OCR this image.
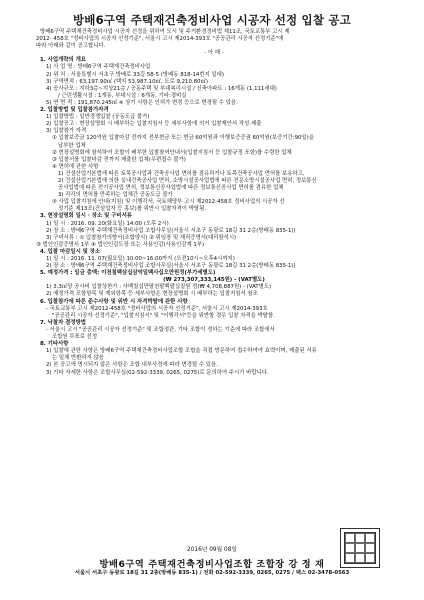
방배6구역 주택재건축정비사업 시공자 선정 입찰 공고
방배6구역 주택재건축정비사업 시공자 선정을 위하여 도시 및 주거환경정비법 제11조, 국토교통부 고시 제
2012- 458호 "정비사업의 시공자 선정기준", 서울시 고시 제2014-393호 "공공관리 시공자 선정기준"에
따라 아래와 같이 공고합니다.
- 아 래 -
1. 사업개략의 개요
1) 사 업 명 : 방배6구역 주택재건축정비사업
2) 위 치 : 서울특별시 서초구 방배로 33길 58-5 (방배동 818-14번지 일대)
3) 구역면적 : 63,197.90㎡ (택지 53,987.10㎡, 도로 9,210.80㎡)
4) 공사규모 : 지하3층~지상21층 / 공동주택 및 부대복리시설 / 신축아파트 : 16개동 (1,111세대)
/ 근린생활시설 : 1개동, 부대시설 : 6개동, 기타:경비실
5) 연 면 적 : 191,870.245㎡ ※ 상기 사항은 인허가 변경 등으로 변경될 수 있음.
2. 입찰방법 및 입찰참가자격
1) 입찰방법 : 일반경쟁입찰 (공동도급 불가)
2) 입찰공고 : 현장설명회 시 배부하는 입찰지침서 등 세부사항에 의거 입찰제안서 작성·제출
3) 입찰참가 자격
① 입찰보증금 120억원 입찰마감 전까지 전부현금 또는 현금 60억원과 이행보증증권 60억원(보증기간:90일)을
납부한 업체
② 현장설명회에 참석하여 조합이 배부한 입찰참여안내서(입찰지침서 등 입찰규정 포함)를 수령한 업체
③ 입찰서를 입찰마감 전까지 제출한 업체(우편접수 불가)
④ 면허에 관한 사항
1) 건설산업기본법에 따른 토목공사업과 건축공사업 면허를 겸유하거나 토목건축공사업 면허를 보유하고,
2) 건설산업기본법에 의한 실내건축공사업 면허, 소방시설공사업법에 따른 전문소방시설공사업 면허, 정보통신
공사업법에 따른 전기공사업 면허, 정보통신공사업법에 따른 정보통신공사업 면허를 겸유한 업체
3) 각각의 면허를 만족하는 업체간 공동도급 불가
⑤ 사업 입찰지침에 안내(지침) 및 이행각서, 국토해양부 고시 제2012-458호 정비사업의 시공자 선
정기준 제13조(건설업자 등 홍보)를 위반시 입찰자격이 박탈됨.
3. 현장설명회 일시 · 장소 및 구비서류
1) 일 시 : 2016. 09. 20(화요일) 14:00 (오후 2시)
2) 장 소 : 방배6구역 주택재건축정비사업 조합사무실(서울시 서초구 동광로 18길 31 2층(방배동 835-1))
3) 구비서류 : ① 입찰참가의향서(조합양식) ② 위임장 및 재직증명서(대리참석시)
③ 법인인감증명서 1부 ④ 법인인감도장 또는 사용인감(사용인감계 1부)
4. 입찰 마감일시 및 장소
1) 일 시 : 2016. 11. 07(월요일) 10:00~16:00까지 (오전10시~오후4시까지)
2) 장 소 : 방배6구역 주택재건축정비사업 조합사무실(서울시 서초구 동광로 18길 31 2층(방배동 835-1))
5. 예정가격 : 일금 총액: 이천칠백삼십삼억일백사십오만원정(부가세별도)
(₩ 273,307,333,145원) - (VAT별도)
1) 3.3㎡당 공사비 입찰상한가 : 사백칠십만팔천팔백팔십칠원 정(₩ 4,708,887원) - (VAT별도)
2) 예정가격 포함항목 및 제외항목 등 세부사항은 현장설명회 시 배부하는 입찰지침서 참조
6. 입찰참가에 따른 준수사항 및 위반 시 자격박탈에 관한 사항
- 국토교통부 고시 제2012-458호 "정비사업의 시공자 선정기준", 서울시 고시 제2014-393호
"공공관리 시공자 선정기준", "입찰지침서" 및 "이행각서"등을 위반할 경우 입찰 자격을 박탈함.
7. 낙찰자 결정방법
- 서울시 고시 "공공관리 시공자 선정기준" 및 조합정관, 기타 조합이 정하는 기준에 따라 조합에서
조합원 투표로 선정
8. 기타사항
1) 입찰에 관한 사항은 방배6구역 주택재건축정비사업조합 조합을 직접 방문하여 접수하여야 효력이며, 제출된 서류
는 일체 반환하지 않음
2) 본 공고에 명시되지 않은 사항은 조합 내부사정에 따라 변경될 수 있음.
3) 기타 자세한 사항은 조합사무실(02-592-3339, 0265, 0275)로 문의하여 주시기 바랍니다.
2016년 09월 08일
방배6구역 주택재건축정비사업조합 조합장 강 정 재
서울시 서초구 동광로 18길 31 2층(방배동 835-1) / 전화 02-592-3339, 0265, 0275 / 팩스 02-3478-0563
